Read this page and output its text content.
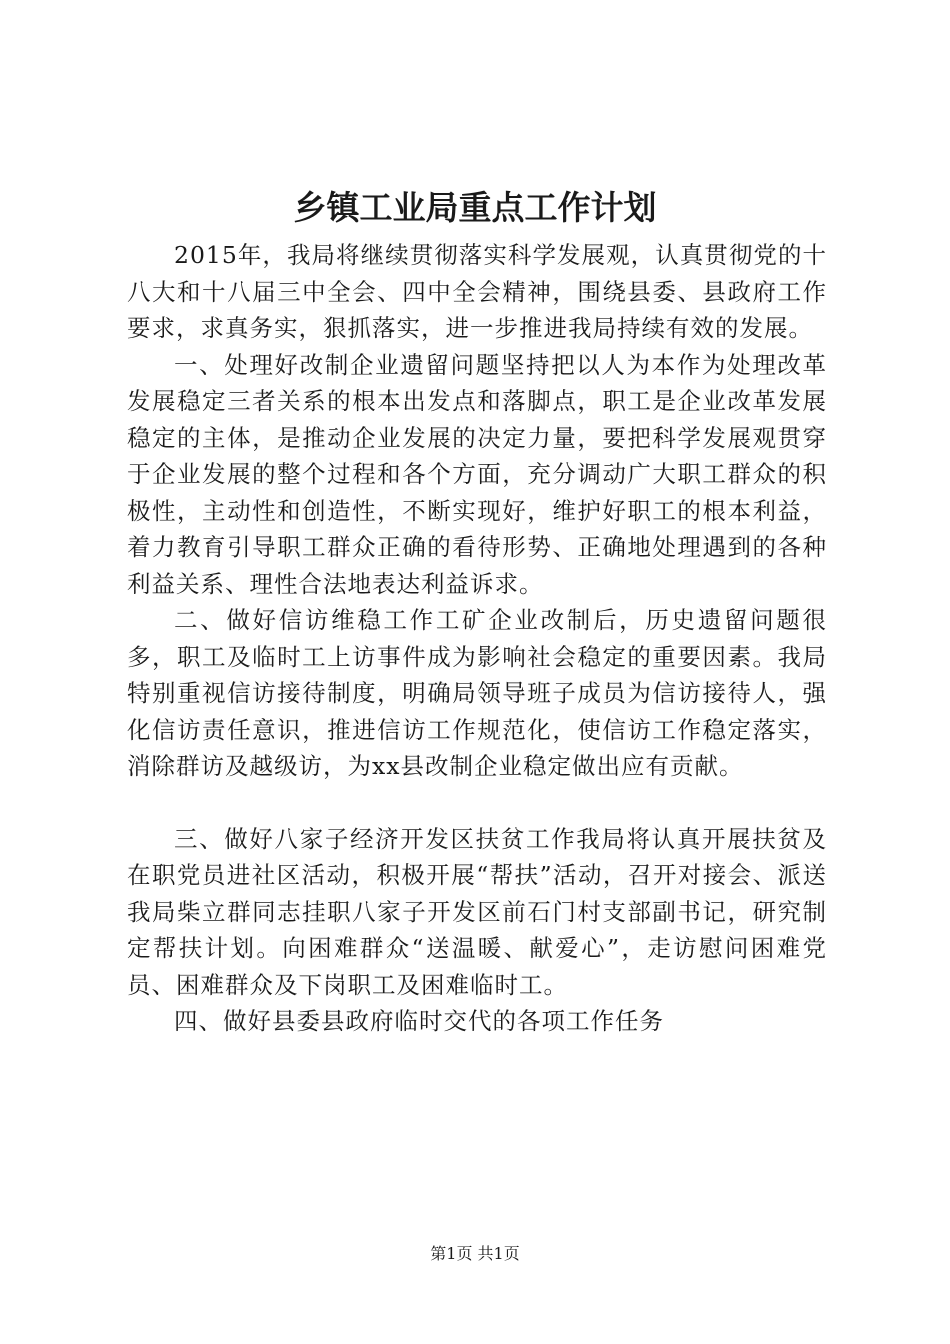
乡镇工业局重点工作计划

2015年，我局将继续贯彻落实科学发展观，认真贯彻党的十八大和十八届三中全会、四中全会精神，围绕县委、县政府工作要求，求真务实，狠抓落实，进一步推进我局持续有效的发展。

一、处理好改制企业遗留问题坚持把以人为本作为处理改革发展稳定三者关系的根本出发点和落脚点，职工是企业改革发展稳定的主体，是推动企业发展的决定力量，要把科学发展观贯穿于企业发展的整个过程和各个方面，充分调动广大职工群众的积极性，主动性和创造性，不断实现好，维护好职工的根本利益，着力教育引导职工群众正确的看待形势、正确地处理遇到的各种利益关系、理性合法地表达利益诉求。

二、做好信访维稳工作工矿企业改制后，历史遗留问题很多，职工及临时工上访事件成为影响社会稳定的重要因素。我局特别重视信访接待制度，明确局领导班子成员为信访接待人，强化信访责任意识，推进信访工作规范化，使信访工作稳定落实，消除群访及越级访，为xx县改制企业稳定做出应有贡献。

三、做好八家子经济开发区扶贫工作我局将认真开展扶贫及在职党员进社区活动，积极开展“帮扶”活动，召开对接会、派送我局柴立群同志挂职八家子开发区前石门村支部副书记，研究制定帮扶计划。向困难群众“送温暖、献爱心”，走访慰问困难党员、困难群众及下岗职工及困难临时工。

四、做好县委县政府临时交代的各项工作任务

第1页 共1页
